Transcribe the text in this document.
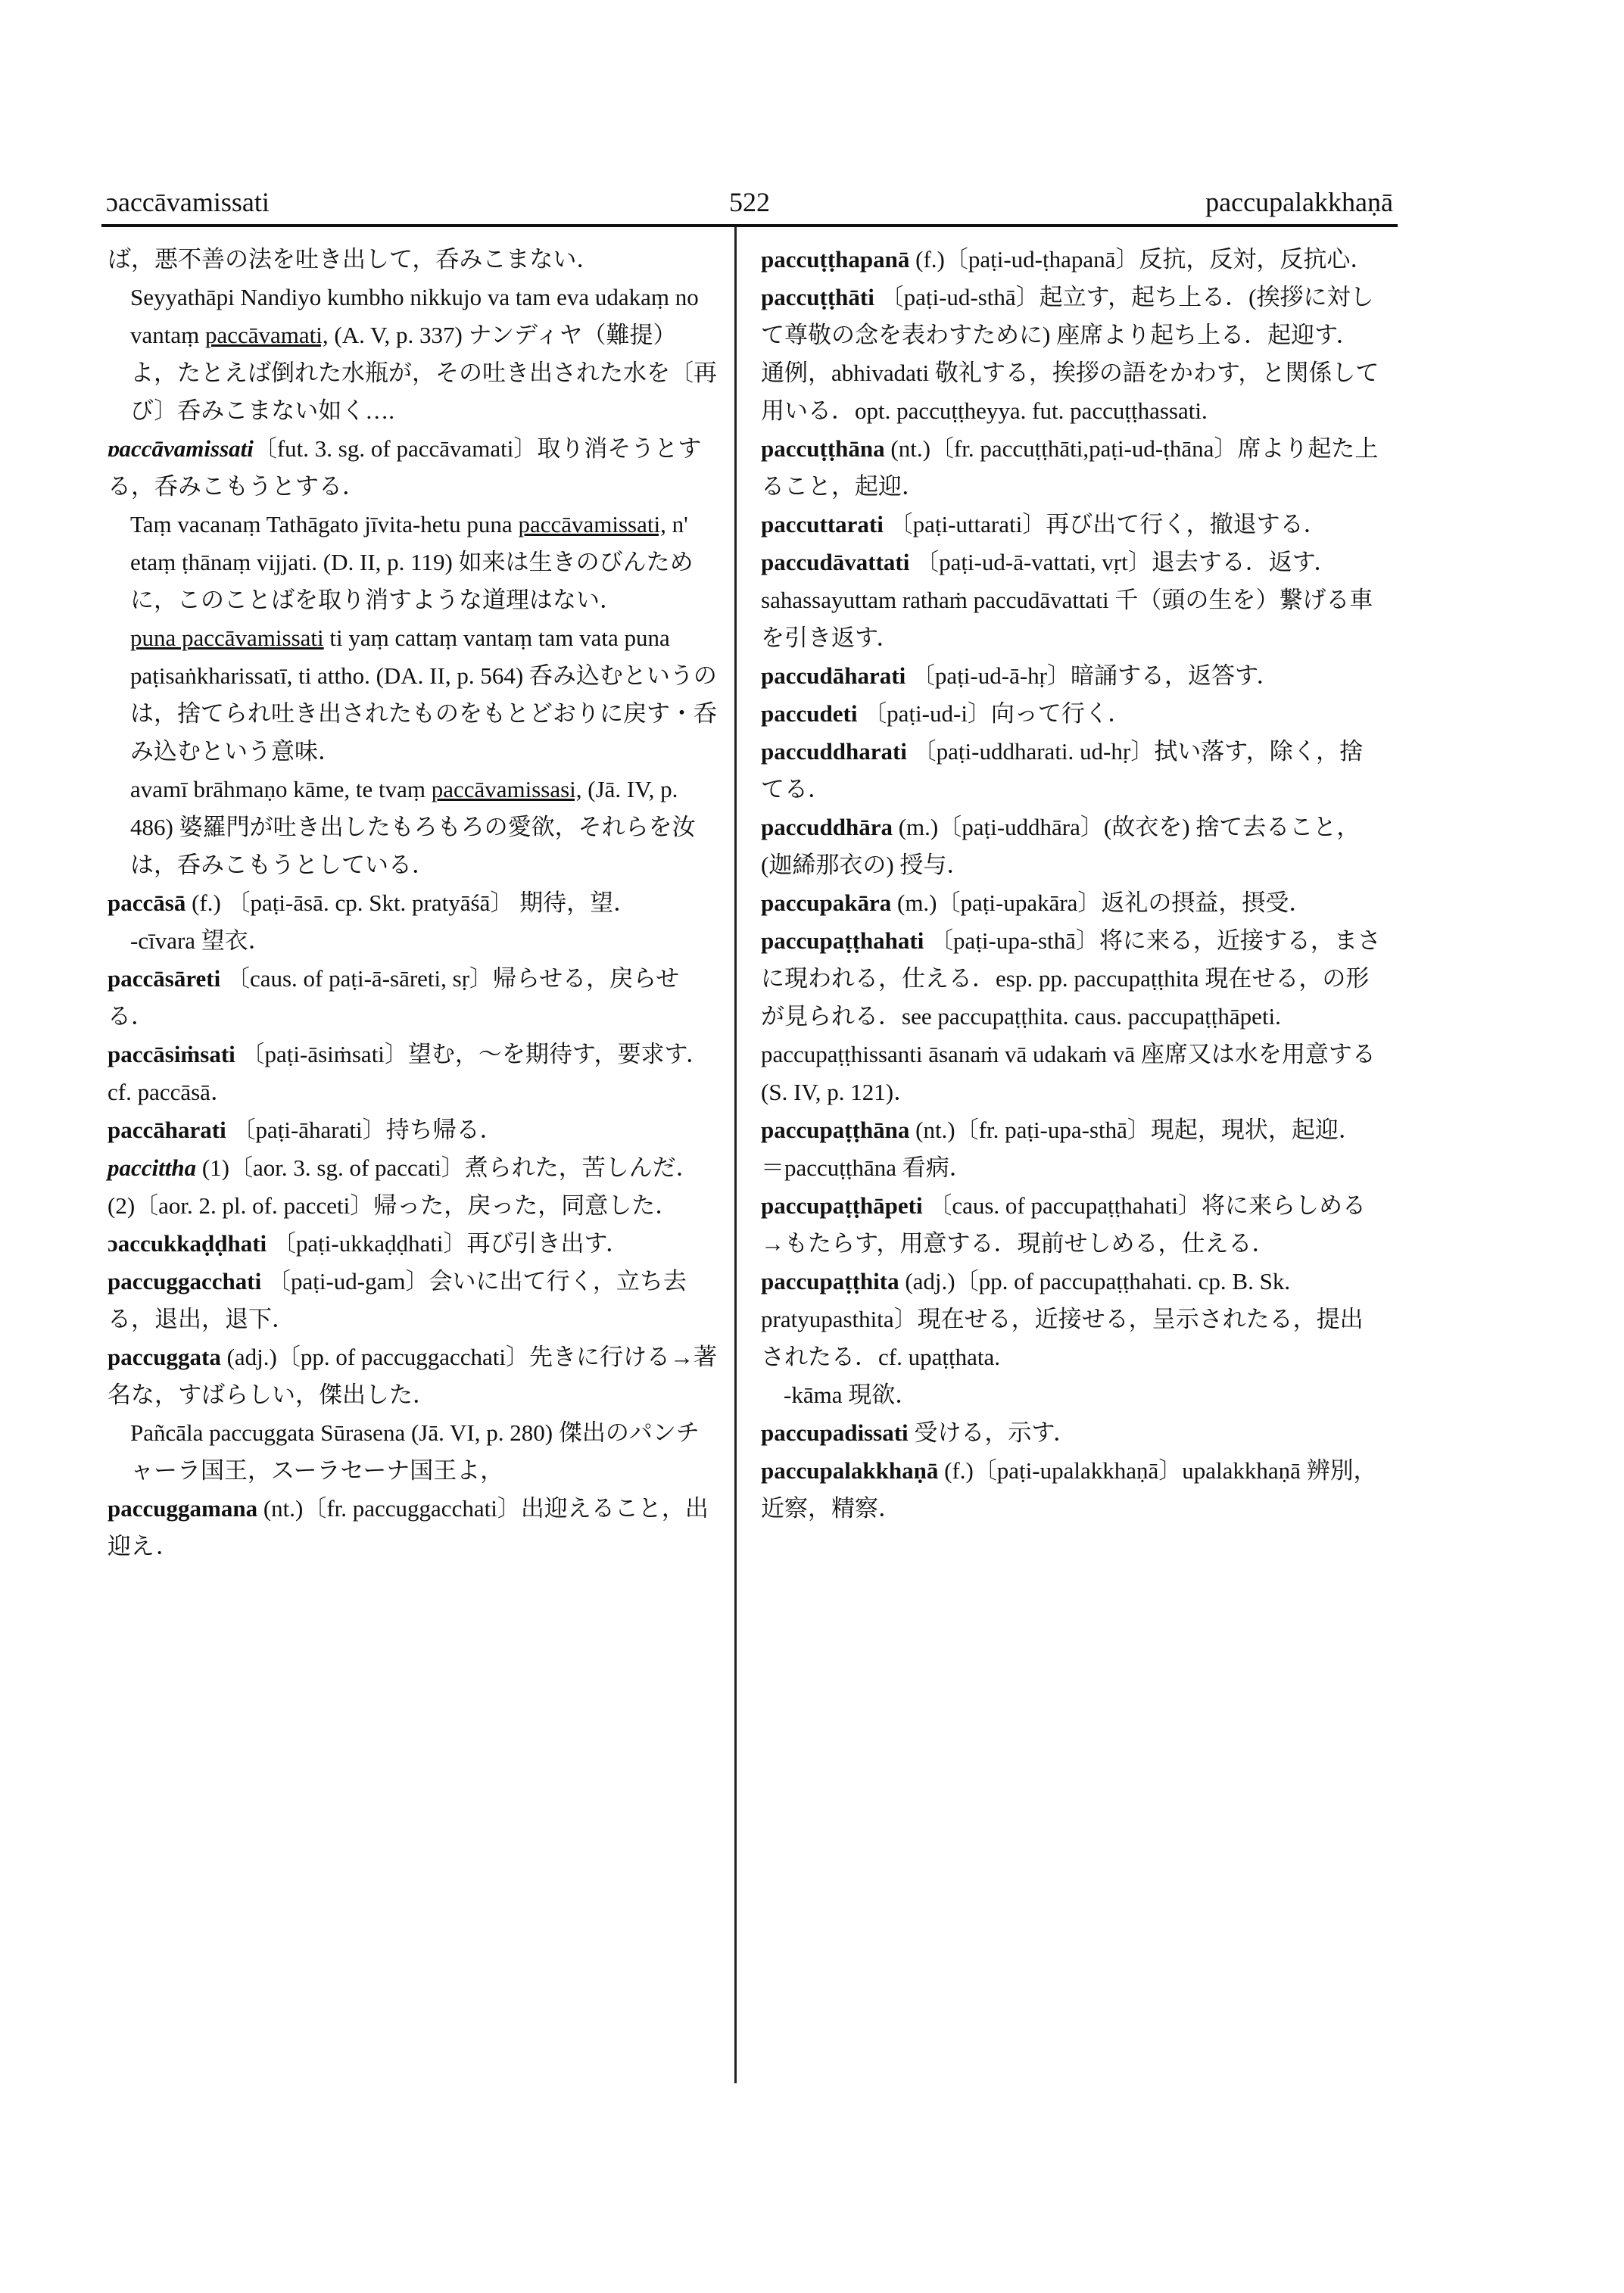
ɔaccāvamissati	522	paccupalakkhaṇā

ば，悪不善の法を吐き出して，呑みこまない．

Seyyathāpi Nandiyo kumbho nikkujo va tam eva udakaṃ no vantaṃ paccāvamati, (A. V, p. 337) ナンディヤ（難提）よ，たとえば倒れた水瓶が，その吐き出された水を〔再び〕呑みこまない如く….

ɒaccāvamissati〔fut. 3. sg. of paccāvamati〕取り消そうとする，呑みこもうとする．

Taṃ vacanaṃ Tathāgato jīvita-hetu puna paccāvamissati, n' etaṃ ṭhānaṃ vijjati. (D. II, p. 119) 如来は生きのびんために，このことばを取り消すような道理はない．

puna paccāvamissati ti yaṃ cattaṃ vantaṃ tam vata puna paṭisaṅkharissatī, ti attho. (DA. II, p. 564) 呑み込むというのは，捨てられ吐き出されたものをもとどおりに戻す・呑み込むという意味．

avamī brāhmaṇo kāme, te tvaṃ paccāvamissasi, (Jā. IV, p. 486) 婆羅門が吐き出したもろもろの愛欲，それらを汝は，呑みこもうとしている．

paccāsā (f.) 〔paṭi-āsā. cp. Skt. pratyāśā〕 期待，望．

-cīvara 望衣．

paccāsāreti 〔caus. of paṭi-ā-sāreti, sṛ〕帰らせる，戻らせる．

paccāsiṁsati 〔paṭi-āsiṁsati〕望む，～を期待す，要求す．cf. paccāsā．

paccāharati 〔paṭi-āharati〕持ち帰る．

paccittha (1)〔aor. 3. sg. of paccati〕煮られた，苦しんだ．(2)〔aor. 2. pl. of. pacceti〕帰った，戻った，同意した．

ɔaccukkaḍḍhati 〔paṭi-ukkaḍḍhati〕再び引き出す．

paccuggacchati 〔paṭi-ud-gam〕会いに出て行く，立ち去る，退出，退下．

paccuggata (adj.)〔pp. of paccuggacchati〕先きに行ける→著名な，すばらしい，傑出した．

Pañcāla paccuggata Sūrasena (Jā. VI, p. 280) 傑出のパンチャーラ国王，スーラセーナ国王よ，

paccuggamana (nt.)〔fr. paccuggacchati〕出迎えること，出迎え．

paccuṭṭhapanā (f.)〔paṭi-ud-ṭhapanā〕反抗，反対，反抗心．

paccuṭṭhāti 〔paṭi-ud-sthā〕起立す，起ち上る．(挨拶に対して尊敬の念を表わすために) 座席より起ち上る．起迎す．通例，abhivadati 敬礼する，挨拶の語をかわす，と関係して用いる．opt. paccuṭṭheyya. fut. paccuṭṭhassati.

paccuṭṭhāna (nt.)〔fr. paccuṭṭhāti,paṭi-ud-ṭhāna〕席より起た上ること，起迎．

paccuttarati 〔paṭi-uttarati〕再び出て行く，撤退する．

paccudāvattati 〔paṭi-ud-ā-vattati, vṛt〕退去する．返す．sahassayuttam rathaṁ paccudāvattati 千（頭の生を）繋げる車を引き返す．

paccudāharati 〔paṭi-ud-ā-hṛ〕暗誦する，返答す．

paccudeti 〔paṭi-ud-i〕向って行く．

paccuddharati 〔paṭi-uddharati. ud-hṛ〕拭い落す，除く，捨てる．

paccuddhāra (m.)〔paṭi-uddhāra〕(故衣を) 捨て去ること，(迦絺那衣の) 授与．

paccupakāra (m.)〔paṭi-upakāra〕返礼の摂益，摂受．

paccupaṭṭhahati 〔paṭi-upa-sthā〕将に来る，近接する，まさに現われる，仕える．esp. pp. paccupaṭṭhita 現在せる，の形が見られる．see paccupaṭṭhita. caus. paccupaṭṭhāpeti. paccupaṭṭhissanti āsanaṁ vā udakaṁ vā 座席又は水を用意する (S. IV, p. 121)．

paccupaṭṭhāna (nt.)〔fr. paṭi-upa-sthā〕現起，現状，起迎．＝paccuṭṭhāna 看病．

paccupaṭṭhāpeti 〔caus. of paccupaṭṭhahati〕将に来らしめる→もたらす，用意する．現前せしめる，仕える．

paccupaṭṭhita (adj.)〔pp. of paccupaṭṭhahati. cp. B. Sk. pratyupasthita〕現在せる，近接せる，呈示されたる，提出されたる．cf. upaṭṭhata.

-kāma 現欲．

paccupadissati 受ける，示す．

paccupalakkhaṇā (f.)〔paṭi-upalakkhaṇā〕upalakkhaṇā 辨別，近察，精察．
